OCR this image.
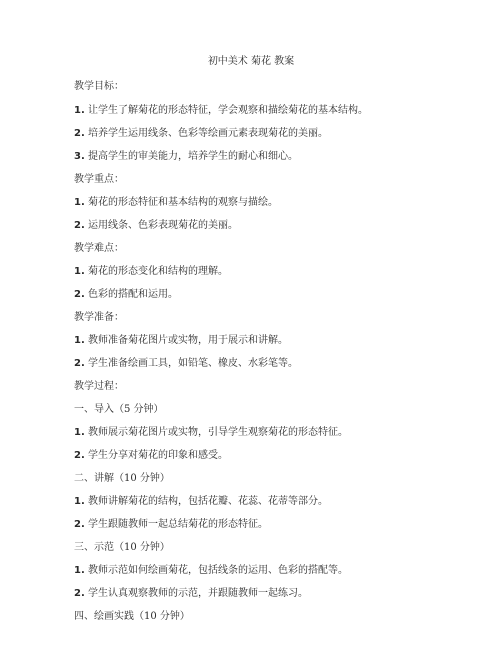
初中美术 菊花 教案
教学目标：
1. 让学生了解菊花的形态特征，学会观察和描绘菊花的基本结构。
2. 培养学生运用线条、色彩等绘画元素表现菊花的美丽。
3. 提高学生的审美能力，培养学生的耐心和细心。
教学重点：
1. 菊花的形态特征和基本结构的观察与描绘。
2. 运用线条、色彩表现菊花的美丽。
教学难点：
1. 菊花的形态变化和结构的理解。
2. 色彩的搭配和运用。
教学准备：
1. 教师准备菊花图片或实物，用于展示和讲解。
2. 学生准备绘画工具，如铅笔、橡皮、水彩笔等。
教学过程：
一、导入（5 分钟）
1. 教师展示菊花图片或实物，引导学生观察菊花的形态特征。
2. 学生分享对菊花的印象和感受。
二、讲解（10 分钟）
1. 教师讲解菊花的结构，包括花瓣、花蕊、花蒂等部分。
2. 学生跟随教师一起总结菊花的形态特征。
三、示范（10 分钟）
1. 教师示范如何绘画菊花，包括线条的运用、色彩的搭配等。
2. 学生认真观察教师的示范，并跟随教师一起练习。
四、绘画实践（10 分钟）
